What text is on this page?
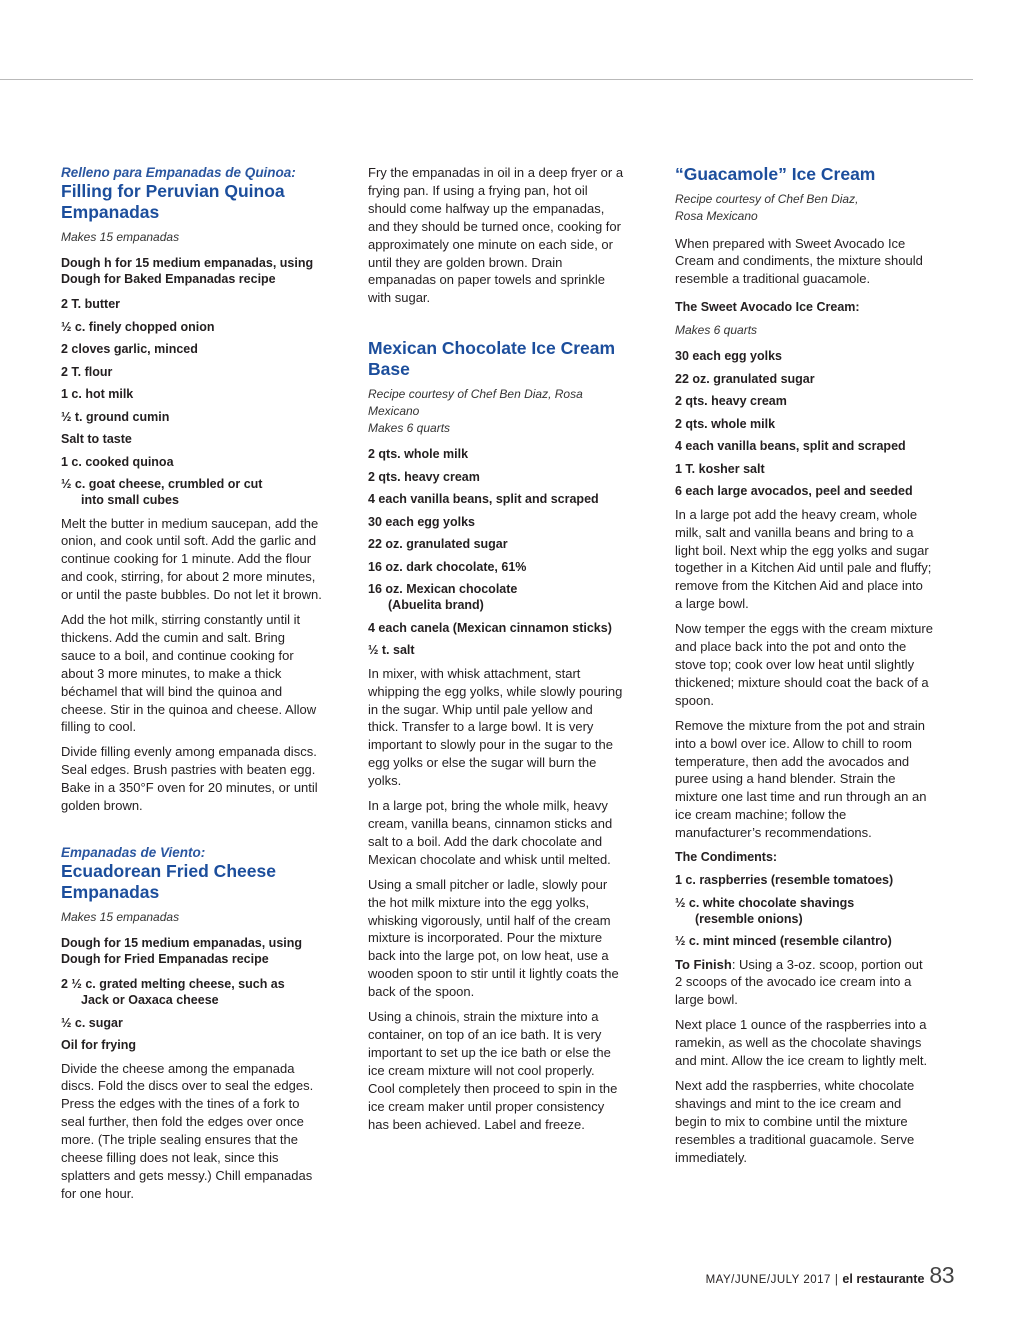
Relleno para Empanadas de Quinoa:

Filling for Peruvian Quinoa Empanadas

Makes 15 empanadas

Dough h for 15 medium empanadas, using Dough for Baked Empanadas recipe

2 T. butter

½ c. finely chopped onion

2 cloves garlic, minced

2 T. flour

1 c. hot milk

½ t. ground cumin

Salt to taste

1 c. cooked quinoa

½ c. goat cheese, crumbled or cut
into small cubes

Melt the butter in medium saucepan, add the onion, and cook until soft. Add the garlic and continue cooking for 1 minute. Add the flour and cook, stirring, for about 2 more minutes, or until the paste bubbles. Do not let it brown.

Add the hot milk, stirring constantly until it thickens. Add the cumin and salt. Bring sauce to a boil, and continue cooking for about 3 more minutes, to make a thick béchamel that will bind the quinoa and cheese. Stir in the quinoa and cheese. Allow filling to cool.

Divide filling evenly among empanada discs. Seal edges. Brush pastries with beaten egg. Bake in a 350°F oven for 20 minutes, or until golden brown.

Empanadas de Viento:

Ecuadorean Fried Cheese Empanadas

Makes 15 empanadas

Dough for 15 medium empanadas, using Dough for Fried Empanadas recipe

2 ½ c. grated melting cheese, such as
Jack or Oaxaca cheese

½ c. sugar

Oil for frying

Divide the cheese among the empanada discs. Fold the discs over to seal the edges. Press the edges with the tines of a fork to seal further, then fold the edges over once more. (The triple sealing ensures that the cheese filling does not leak, since this splatters and gets messy.) Chill empanadas for one hour.

Fry the empanadas in oil in a deep fryer or a frying pan. If using a frying pan, hot oil should come halfway up the empanadas, and they should be turned once, cooking for approximately one minute on each side, or until they are golden brown. Drain empanadas on paper towels and sprinkle with sugar.

Mexican Chocolate Ice Cream Base

Recipe courtesy of Chef Ben Diaz, Rosa Mexicano

Makes 6 quarts

2 qts. whole milk

2 qts. heavy cream

4 each vanilla beans, split and scraped

30 each egg yolks

22 oz. granulated sugar

16 oz. dark chocolate, 61%

16 oz. Mexican chocolate
(Abuelita brand)

4 each canela (Mexican cinnamon sticks)

½ t. salt

In mixer, with whisk attachment, start whipping the egg yolks, while slowly pouring in the sugar. Whip until pale yellow and thick. Transfer to a large bowl. It is very important to slowly pour in the sugar to the egg yolks or else the sugar will burn the yolks.

In a large pot, bring the whole milk, heavy cream, vanilla beans, cinnamon sticks and salt to a boil. Add the dark chocolate and Mexican chocolate and whisk until melted.

Using a small pitcher or ladle, slowly pour the hot milk mixture into the egg yolks, whisking vigorously, until half of the cream mixture is incorporated. Pour the mixture back into the large pot, on low heat, use a wooden spoon to stir until it lightly coats the back of the spoon.

Using a chinois, strain the mixture into a container, on top of an ice bath. It is very important to set up the ice bath or else the ice cream mixture will not cool properly. Cool completely then proceed to spin in the ice cream maker until proper consistency has been achieved. Label and freeze.

“Guacamole” Ice Cream

Recipe courtesy of Chef Ben Diaz,
Rosa Mexicano

When prepared with Sweet Avocado Ice Cream and condiments, the mixture should resemble a traditional guacamole.

The Sweet Avocado Ice Cream:

Makes 6 quarts

30 each egg yolks

22 oz. granulated sugar

2 qts. heavy cream

2 qts. whole milk

4 each vanilla beans, split and scraped

1 T. kosher salt

6 each large avocados, peel and seeded

In a large pot add the heavy cream, whole milk, salt and vanilla beans and bring to a light boil. Next whip the egg yolks and sugar together in a Kitchen Aid until pale and fluffy; remove from the Kitchen Aid and place into a large bowl.

Now temper the eggs with the cream mixture and place back into the pot and onto the stove top; cook over low heat until slightly thickened; mixture should coat the back of a spoon.

Remove the mixture from the pot and strain into a bowl over ice. Allow to chill to room temperature, then add the avocados and puree using a hand blender. Strain the mixture one last time and run through an an ice cream machine; follow the manufacturer’s recommendations.

The Condiments:

1 c. raspberries (resemble tomatoes)

½ c. white chocolate shavings
(resemble onions)

½ c. mint minced (resemble cilantro)

To Finish: Using a 3-oz. scoop, portion out 2 scoops of the avocado ice cream into a large bowl.

Next place 1 ounce of the raspberries into a ramekin, as well as the chocolate shavings and mint. Allow the ice cream to lightly melt.

Next add the raspberries, white chocolate shavings and mint to the ice cream and begin to mix to combine until the mixture resembles a traditional guacamole. Serve immediately.

MAY/JUNE/JULY 2017 | el restaurante 83
